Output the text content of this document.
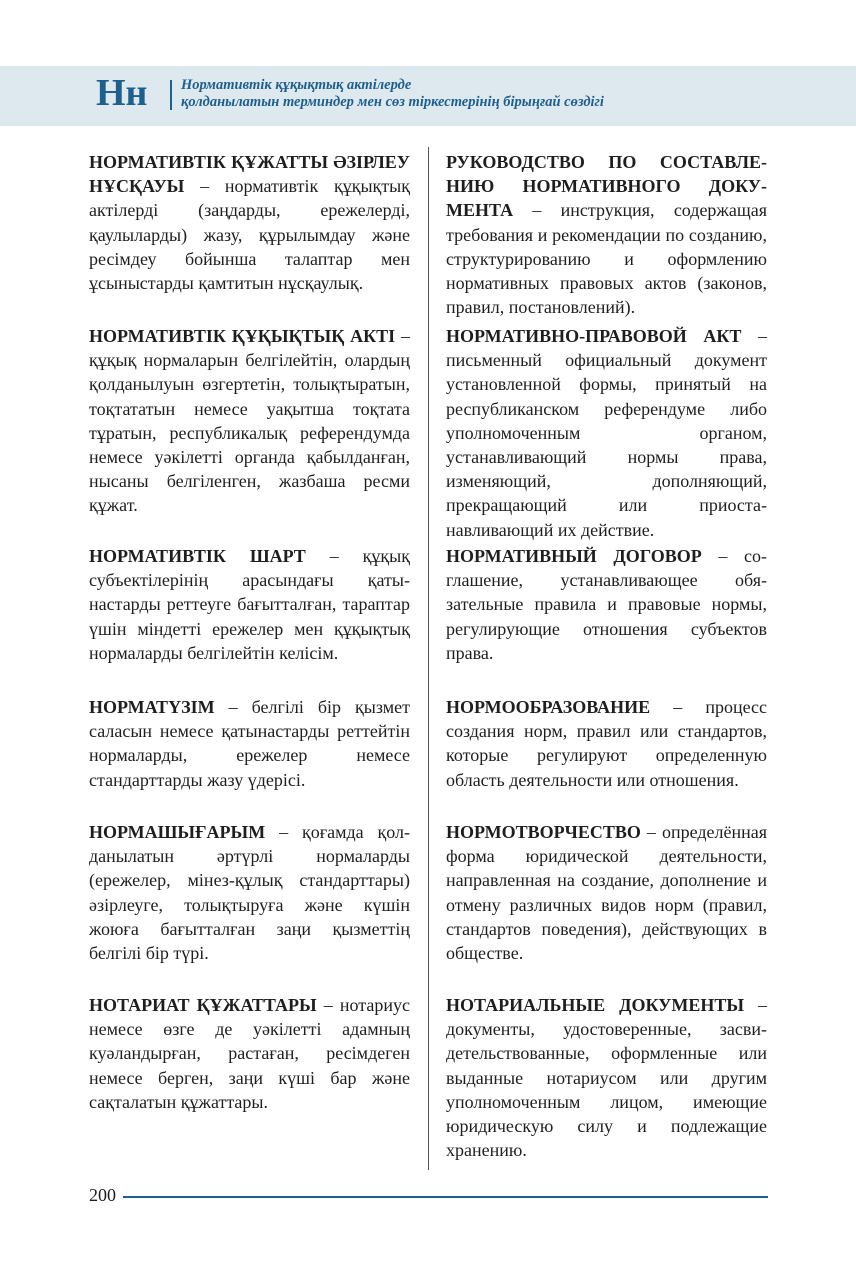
Нн Нормативтік құқықтық актілерде
қолданылатын терминдер мен сөз тіркестерінің бірыңғай сөздігі
НОРМАТИВТІК ҚҰЖАТТЫ ӘЗІРЛЕУ НҰСҚАУЫ – нормативтік құқықтық актілерді (заңдарды, ережелерді, қаулыларды) жазу, құрылымдау және ресімдеу бойынша талаптар мен ұсыныстарды қамтитын нұсқаулық.
НОРМАТИВТІК ҚҰҚЫҚТЫҚ АКТІ – құқық нормаларын белгілейтін, олардың қолданылуын өзгертетін, толықтыратын, тоқтататын немесе уақытша тоқтата тұратын, республикалық референдумда немесе уәкілетті органда қабылданған, нысаны белгіленген, жазбаша ресми құжат.
НОРМАТИВТІК ШАРТ – құқық субъектілерінің арасындағы қатынастарды реттеуге бағытталған, тараптар үшін міндетті ережелер мен құқықтық нормаларды белгілейтін келісім.
НОРМАТҮЗІМ – белгілі бір қызмет саласын немесе қатынастарды реттейтін нормаларды, ережелер немесе стандарттарды жазу үдерісі.
НОРМАШЫҒАРЫМ – қоғамда қолданылатын әртүрлі нормаларды (ережелер, мінез-құлық стандарттары) әзірлеуге, толықтыруға және күшін жоюға бағытталған заңи қызметтің белгілі бір түрі.
НОТАРИАТ ҚҰЖАТТАРЫ – нотариус немесе өзге де уәкілетті адамның куәландырған, растаған, ресімдеген немесе берген, заңи күші бар және сақталатын құжаттары.
РУКОВОДСТВО ПО СОСТАВЛЕНИЮ НОРМАТИВНОГО ДОКУМЕНТА – инструкция, содержащая требования и рекомендации по созданию, структурированию и оформлению нормативных правовых актов (законов, правил, постановлений).
НОРМАТИВНО-ПРАВОВОЙ АКТ – письменный официальный документ установленной формы, принятый на республиканском референдуме либо уполномоченным органом, устанавливающий нормы права, изменяющий, дополняющий, прекращающий или приостанавливающий их действие.
НОРМАТИВНЫЙ ДОГОВОР – соглашение, устанавливающее обязательные правила и правовые нормы, регулирующие отношения субъектов права.
НОРМООБРАЗОВАНИЕ – процесс создания норм, правил или стандартов, которые регулируют определенную область деятельности или отношения.
НОРМОТВОРЧЕСТВО – определённая форма юридической деятельности, направленная на создание, дополнение и отмену различных видов норм (правил, стандартов поведения), действующих в обществе.
НОТАРИАЛЬНЫЕ ДОКУМЕНТЫ – документы, удостоверенные, засвидетельствованные, оформленные или выданные нотариусом или другим уполномоченным лицом, имеющие юридическую силу и подлежащие хранению.
200
